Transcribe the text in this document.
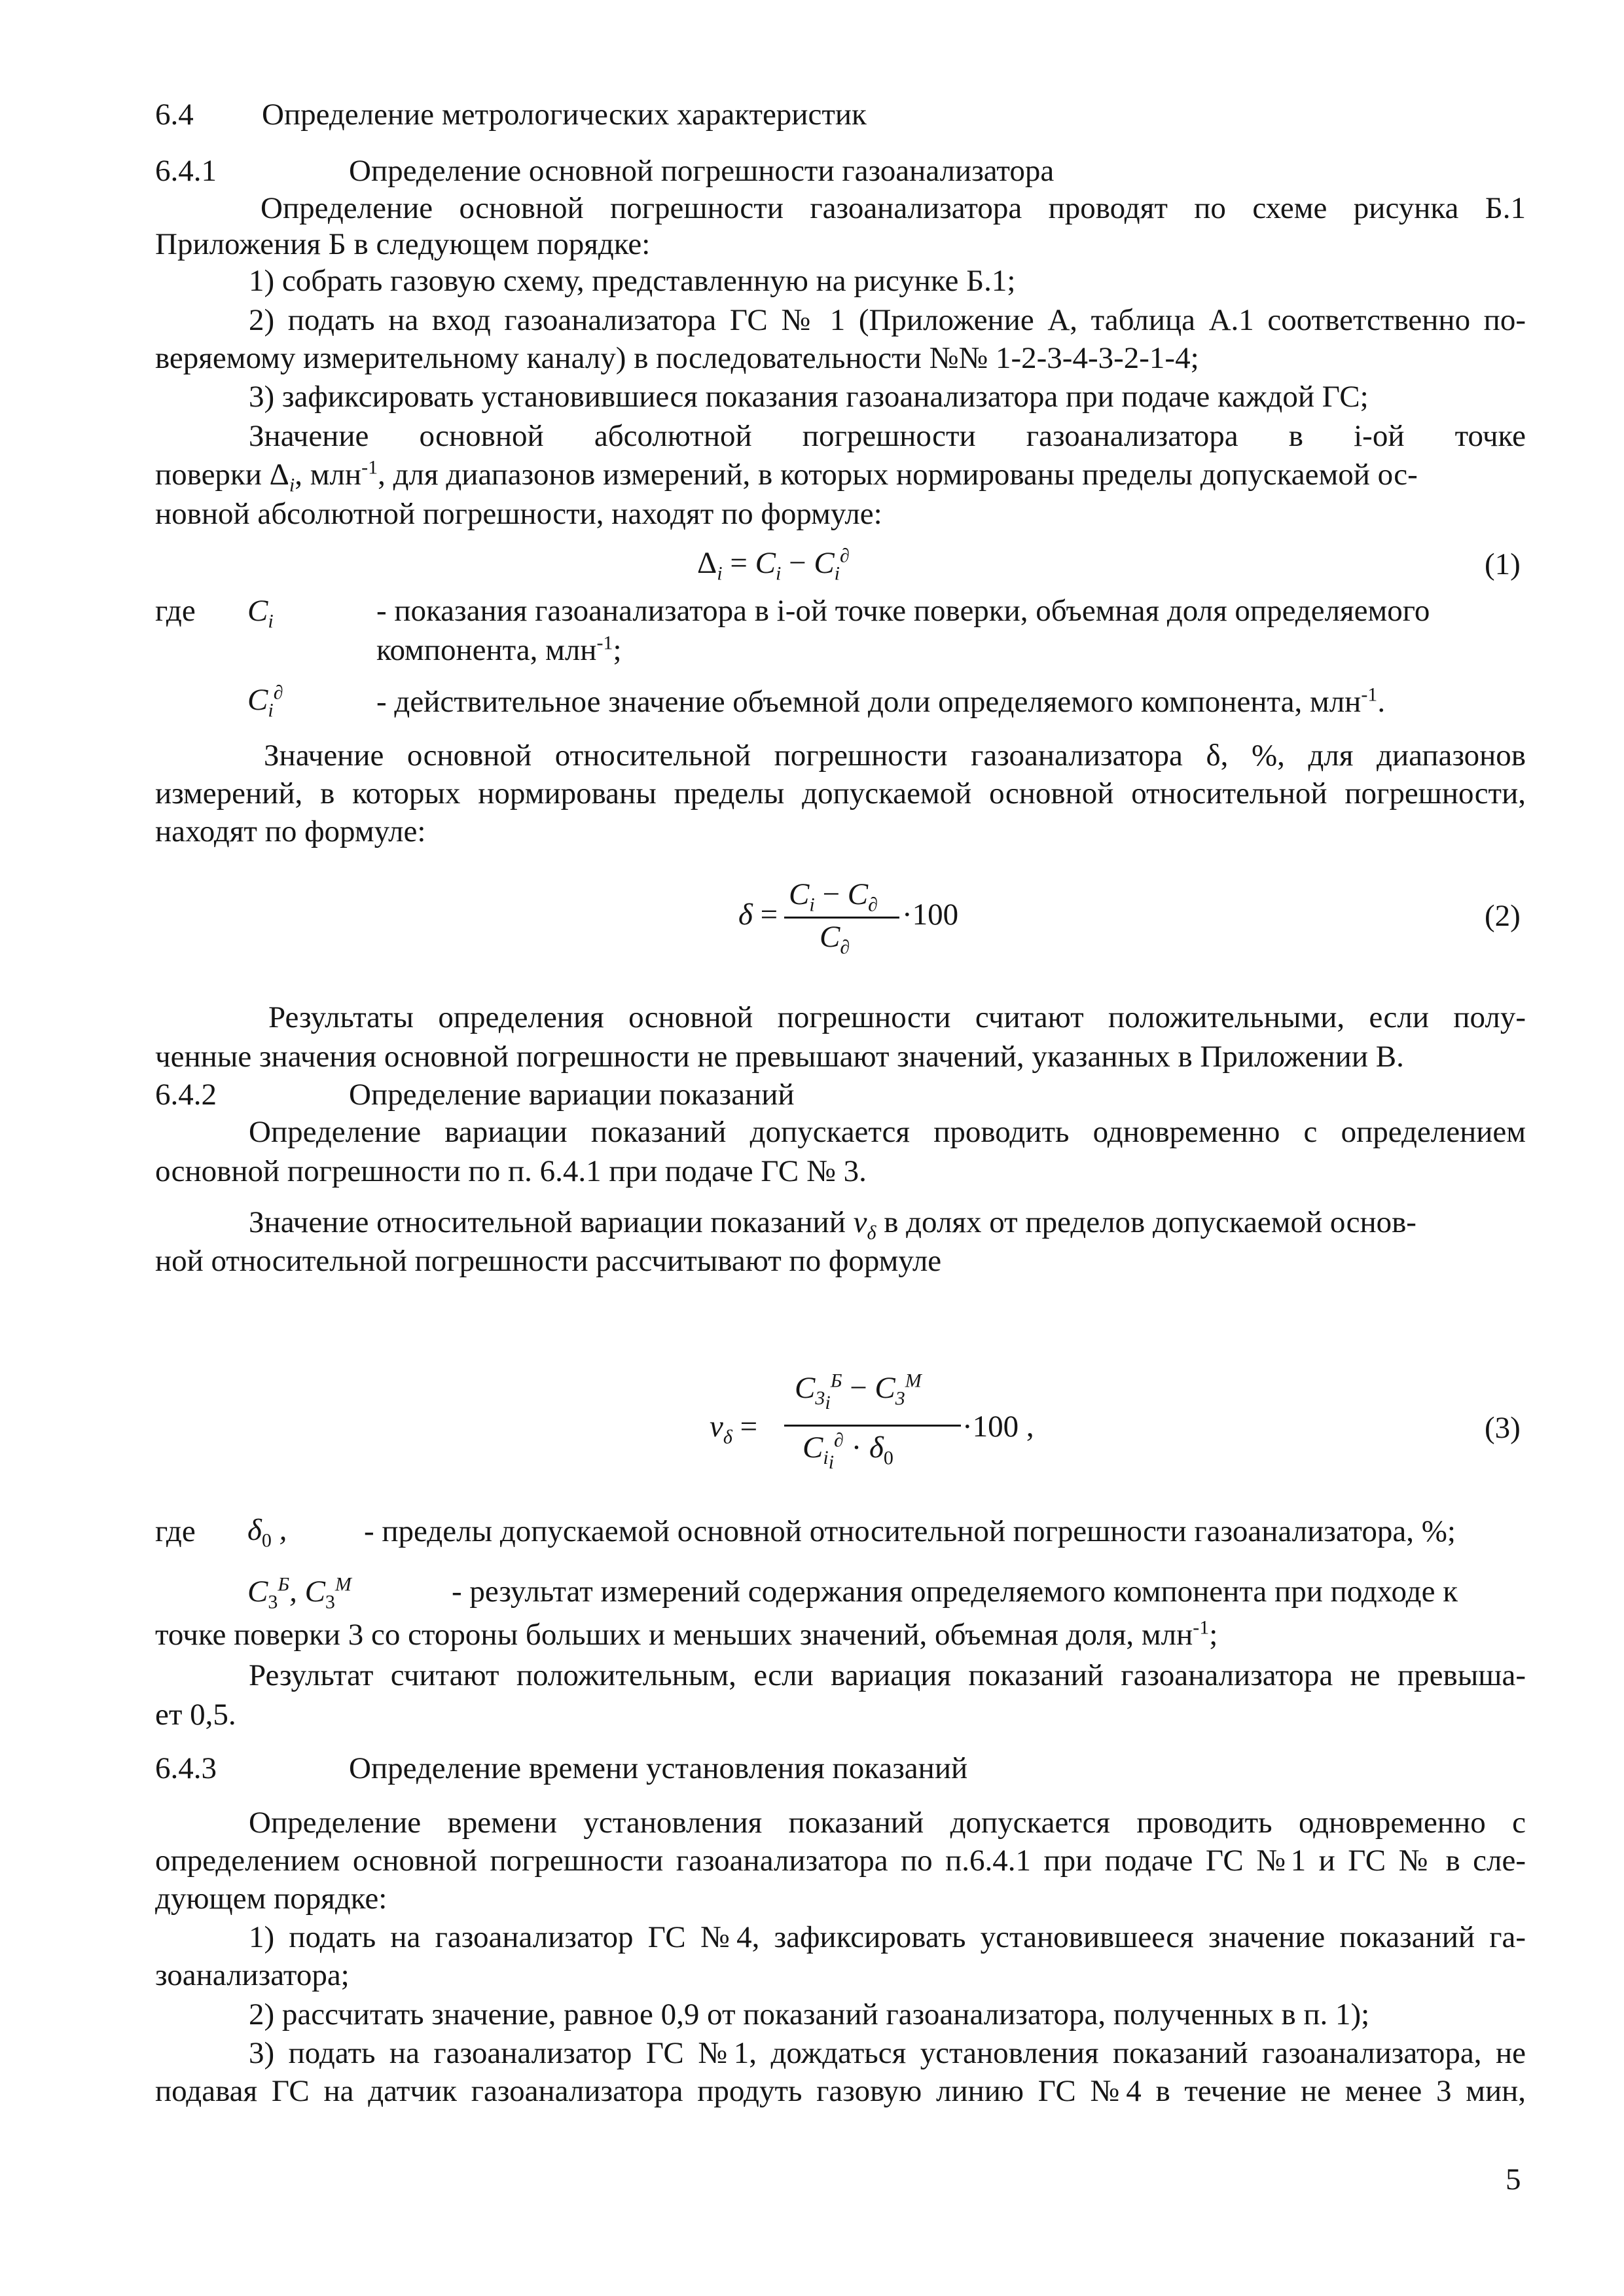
6.4 Определение метрологических характеристик
6.4.1	Определение основной погрешности газоанализатора
Определение основной погрешности газоанализатора проводят по схеме рисунка Б.1
Приложения Б в следующем порядке:
1) собрать газовую схему, представленную на рисунке Б.1;
2) подать на вход газоанализатора ГС № 1 (Приложение А, таблица А.1 соответственно по-
веряемому измерительному каналу) в последовательности №№ 1-2-3-4-3-2-1-4;
3) зафиксировать установившиеся показания газоанализатора при подаче каждой ГС;
Значение основной абсолютной погрешности газоанализатора в i-ой точке
поверки $\Delta_i$, млн$^{-1}$, для диапазонов измерений, в которых нормированы пределы допускаемой ос-
новной абсолютной погрешности, находят по формуле:
$\Delta_i = C_i - C_i^\partial$	(1)
где $C_i$	- показания газоанализатора в i-ой точке поверки, объемная доля определяемого
компонента, млн$^{-1}$;
$C_i^\partial$	- действительное значение объемной доли определяемого компонента, млн$^{-1}$.
Значение основной относительной погрешности газоанализатора δ, %, для диапазонов
измерений, в которых нормированы пределы допускаемой основной относительной погрешности,
находят по формуле:
δ =
$C_i - C_\partial$
$C_\partial$
·100	(2)
Результаты определения основной погрешности считают положительными, если полу-
ченные значения основной погрешности не превышают значений, указанных в Приложении В.
6.4.2	Определение вариации показаний
Определение вариации показаний допускается проводить одновременно с определением
основной погрешности по п. 6.4.1 при подаче ГС № 3.
Значение относительной вариации показаний $\nu_\delta$ в долях от пределов допускаемой основ-
ной относительной погрешности рассчитывают по формуле
$\nu_\delta$ =
$C_{3_i}^Б - C_3^М$
$C_{i_i}^\partial \cdot \delta_0$
·100 ,	(3)
где $\delta_0$ ,	- пределы допускаемой основной относительной погрешности газоанализатора, %;
$C_3^Б$, $C_3^М$	- результат измерений содержания определяемого компонента при подходе к
точке поверки 3 со стороны больших и меньших значений, объемная доля, млн$^{-1}$;
Результат считают положительным, если вариация показаний газоанализатора не превыша-
ет 0,5.
6.4.3	Определение времени установления показаний
Определение времени установления показаний допускается проводить одновременно с
определением основной погрешности газоанализатора по п.6.4.1 при подаче ГС №1 и ГС № в сле-
дующем порядке:
1) подать на газоанализатор ГС №4, зафиксировать установившееся значение показаний га-
зоанализатора;
2) рассчитать значение, равное 0,9 от показаний газоанализатора, полученных в п. 1);
3) подать на газоанализатор ГС №1, дождаться установления показаний газоанализатора, не
подавая ГС на датчик газоанализатора продуть газовую линию ГС №4 в течение не менее 3 мин,
5
